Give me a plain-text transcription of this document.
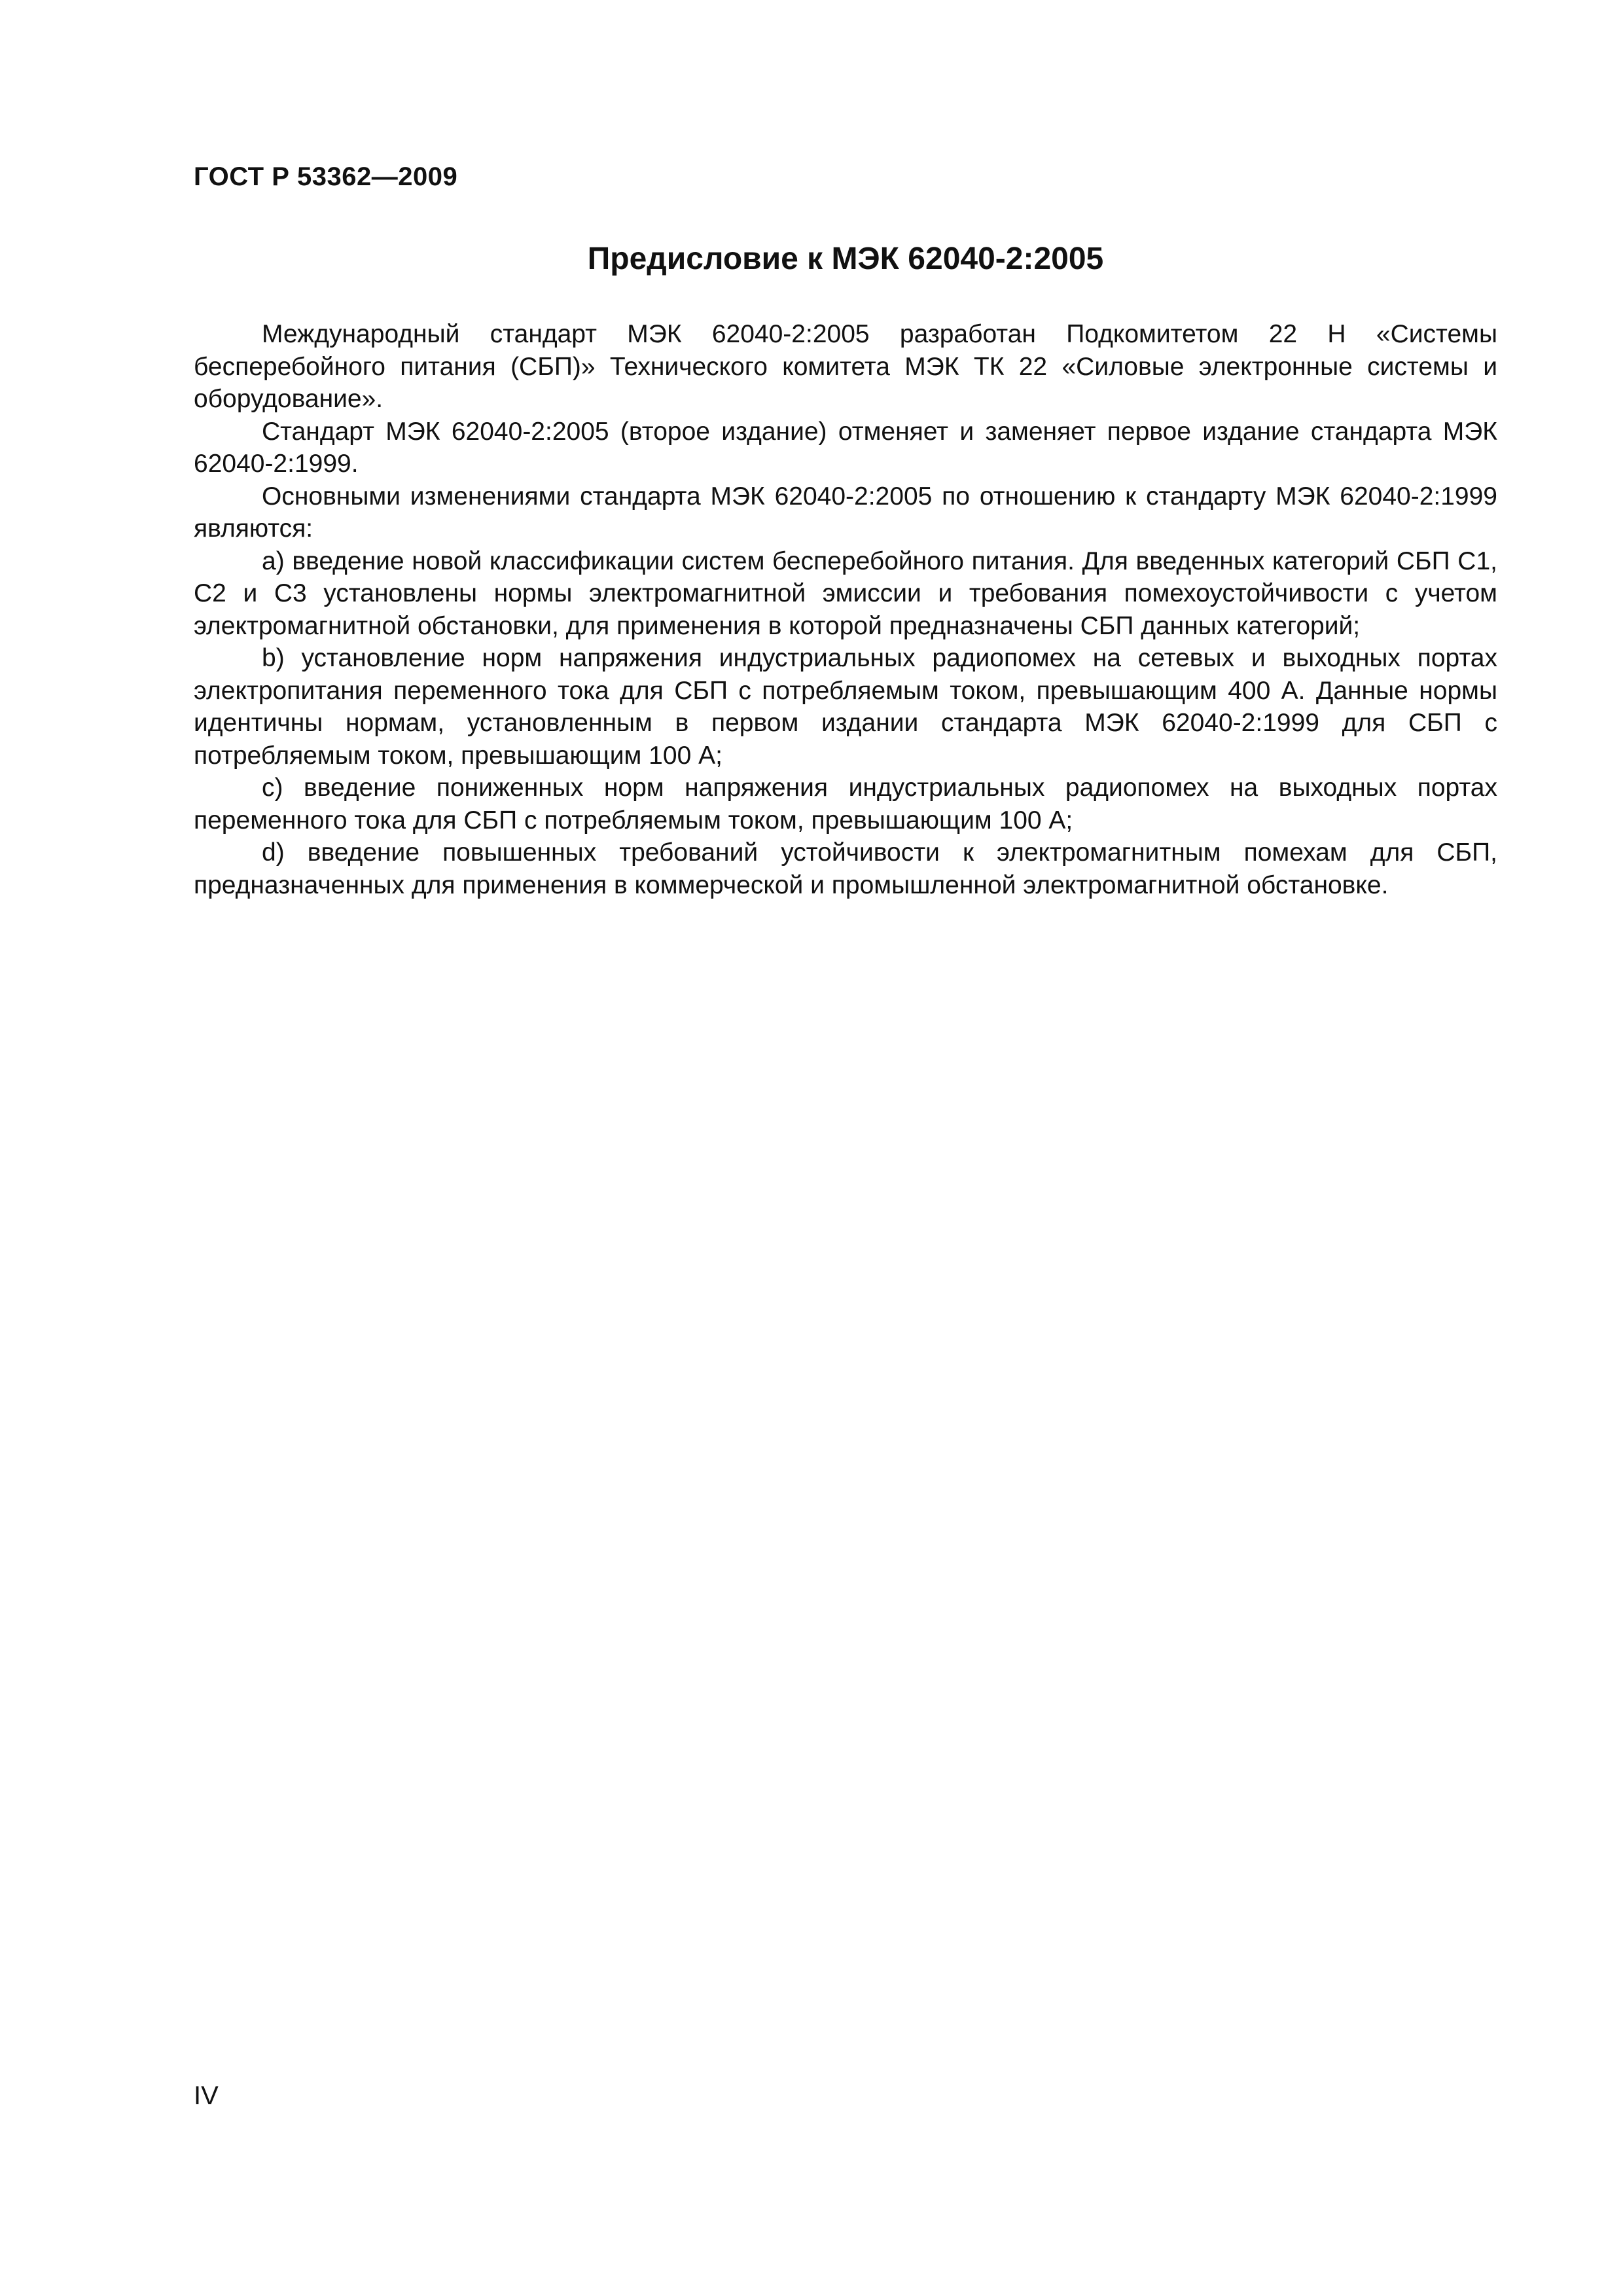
ГОСТ Р 53362—2009

Предисловие к МЭК 62040-2:2005

Международный стандарт МЭК 62040-2:2005 разработан Подкомитетом 22 H «Системы бесперебойного питания (СБП)» Технического комитета МЭК ТК 22 «Силовые электронные системы и оборудование».

Стандарт МЭК 62040-2:2005 (второе издание) отменяет и заменяет первое издание стандарта МЭК 62040-2:1999.

Основными изменениями стандарта МЭК 62040-2:2005 по отношению к стандарту МЭК 62040-2:1999 являются:

a) введение новой классификации систем бесперебойного питания. Для введенных категорий СБП С1, С2 и С3 установлены нормы электромагнитной эмиссии и требования помехоустойчивости с учетом электромагнитной обстановки, для применения в которой предназначены СБП данных категорий;

b) установление норм напряжения индустриальных радиопомех на сетевых и выходных портах электропитания переменного тока для СБП с потребляемым током, превышающим 400 А. Данные нормы идентичны нормам, установленным в первом издании стандарта МЭК 62040-2:1999 для СБП с потребляемым током, превышающим 100 А;

c) введение пониженных норм напряжения индустриальных радиопомех на выходных портах переменного тока для СБП с потребляемым током, превышающим 100 А;

d) введение повышенных требований устойчивости к электромагнитным помехам для СБП, предназначенных для применения в коммерческой и промышленной электромагнитной обстановке.

IV
